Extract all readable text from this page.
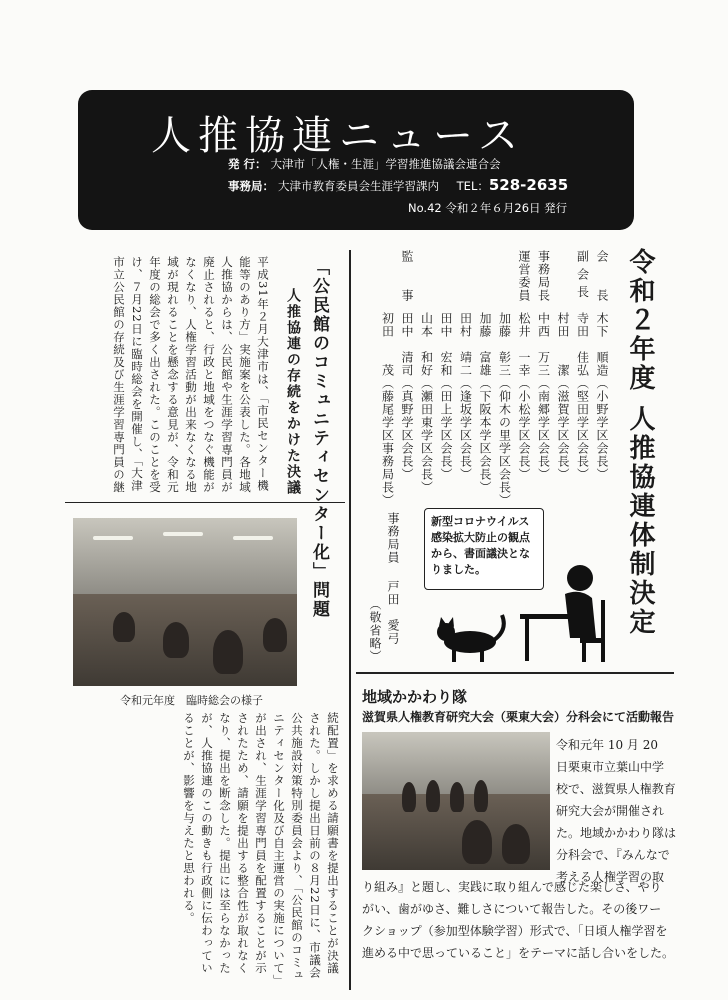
人推協連ニュース
発 行： 大津市「人権・生涯」学習推進協議会連合会
事務局： 大津市教育委員会生涯学習課内 TEL：528-2635
No.42 令和２年６月26日 発行
令和２年度 人推協連体制決定
会　　長
木下　順造（小野学区会長）
副 会 長
寺田　佳弘（堅田学区会長）
村田　　潔（滋賀学区会長）
事務局長
中西　万三（南郷学区会長）
運営委員
松井　一幸（小松学区会長）
加藤　彰三（仰木の里学区会長）
加藤　富雄（下阪本学区会長）
田村　靖二（逢坂学区会長）
田中　宏和（田上学区会長）
山本　和好（瀬田東学区会長）
監　　事
田中　清司（真野学区会長）
初田　　茂（藤尾学区事務局長）
事務局員
戸田　愛弓
（敬省略）
新型コロナウイルス感染拡大防止の観点から、書面議決となりました。
「公民館のコミュニティセンター化」問題
人推協連の存続をかけた決議
平成31年２月大津市は、「市民センター機能等のあり方」実施案を公表した。各地域人推協からは、公民館や生涯学習専門員が廃止されると、行政と地域をつなぐ機能がなくなり、人権学習活動が出来なくなる地域が現れることを懸念する意見が、令和元年度の総会で多く出された。このことを受け、７月22日に臨時総会を開催し、「大津市立公民館の存続及び生涯学習専門員の継
令和元年度　臨時総会の様子
続配置」を求める請願書を提出することが決議された。しかし提出日前の８月22日に、市議会公共施設対策特別委員会より、「公民館のコミュニティセンター化及び自主運営の実施について」が出され、生涯学習専門員を配置することが示されたため、請願を提出する整合性が取れなくなり、提出を断念した。提出には至らなかったが、人推協連のこの動きも行政側に伝わっていることが、影響を与えたと思われる。
地域かかわり隊
滋賀県人権教育研究大会（栗東大会）分科会にて活動報告
令和元年 10 月 20
日栗東市立葉山中学
校で、滋賀県人権教育
研究大会が開催され
た。地域かかわり隊は
分科会で、『みんなで
考える人権学習の取
り組み』と題し、実践に取り組んで感じた楽しさ、やり
がい、歯がゆさ、難しさについて報告した。その後ワー
クショップ（参加型体験学習）形式で、「日頃人権学習を
進める中で思っていること」をテーマに話し合いをした。
